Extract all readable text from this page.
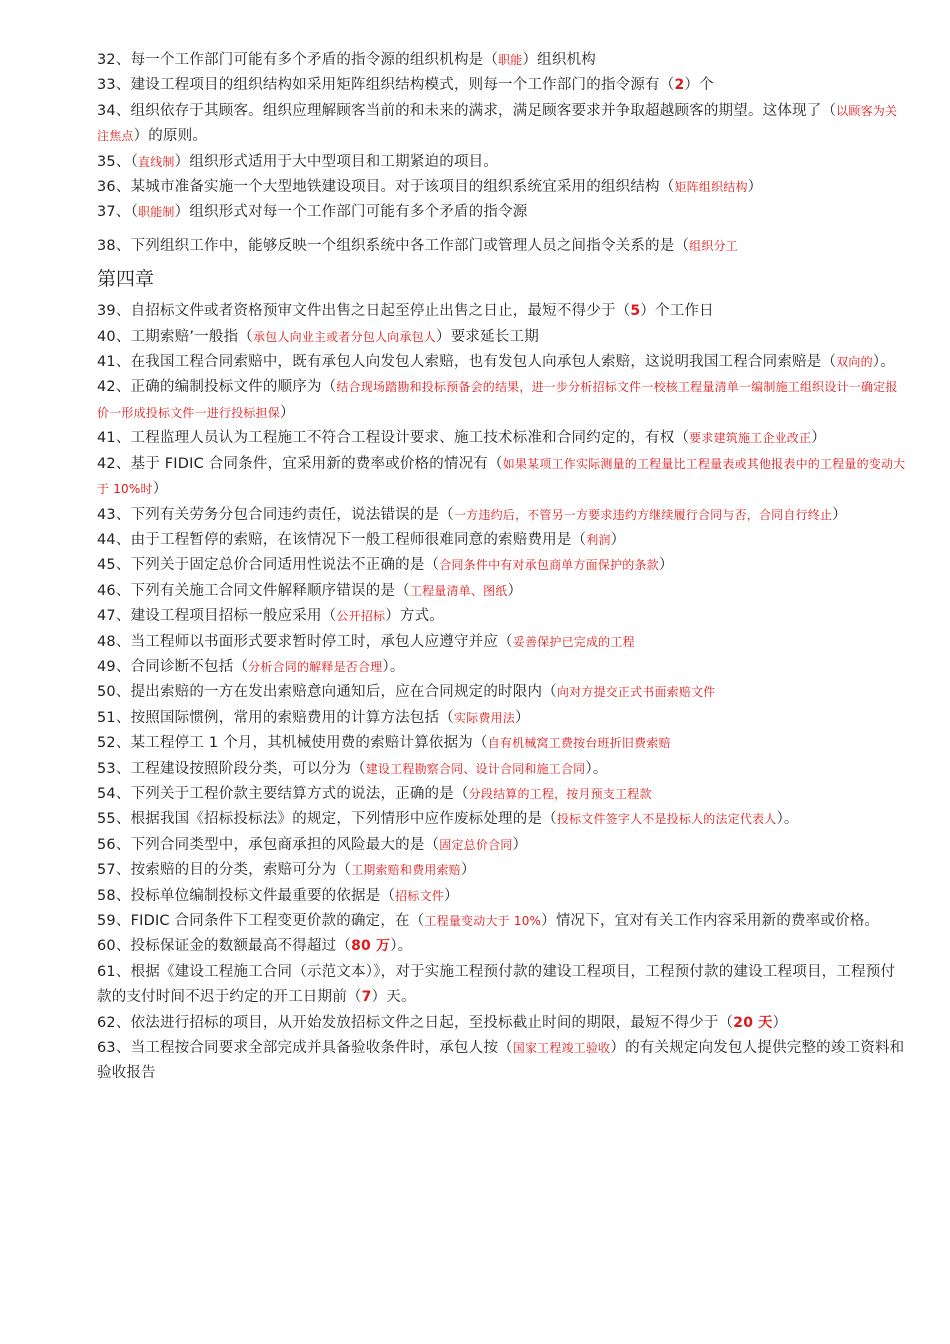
32、每一个工作部门可能有多个矛盾的指令源的组织机构是（职能）组织机构

33、建设工程项目的组织结构如采用矩阵组织结构模式，则每一个工作部门的指令源有（2）个

34、组织依存于其顾客。组织应理解顾客当前的和未来的满求，满足顾客要求并争取超越顾客的期望。这体现了（以顾客为关注焦点）的原则。

35、（直线制）组织形式适用于大中型项目和工期紧迫的项目。

36、某城市准备实施一个大型地铁建设项目。对于该项目的组织系统宜采用的组织结构（矩阵组织结构）

37、（职能制）组织形式对每一个工作部门可能有多个矛盾的指令源

38、下列组织工作中，能够反映一个组织系统中各工作部门或管理人员之间指令关系的是（组织分工

第四章

39、自招标文件或者资格预审文件出售之日起至停止出售之日止，最短不得少于（5）个工作日

40、工期索赔’一般指（承包人向业主或者分包人向承包人）要求延长工期

41、在我国工程合同索赔中，既有承包人向发包人索赔，也有发包人向承包人索赔，这说明我国工程合同索赔是（双向的）。

42、正确的编制投标文件的顺序为（结合现场踏勘和投标预备会的结果，进一步分析招标文件一校核工程量清单一编制施工组织设计一确定报价一形成投标文件一进行投标担保）

41、工程监理人员认为工程施工不符合工程设计要求、施工技术标准和合同约定的，有权（要求建筑施工企业改正）

42、基于 FIDIC 合同条件，宜采用新的费率或价格的情况有（如果某项工作实际测量的工程量比工程量表或其他报表中的工程量的变动大于 10%时）

43、下列有关劳务分包合同违约责任，说法错误的是（一方违约后，不管另一方要求违约方继续履行合同与否，合同自行终止）

44、由于工程暂停的索赔，在该情况下一般工程师很难同意的索赔费用是（利润）

45、下列关于固定总价合同适用性说法不正确的是（合同条件中有对承包商单方面保护的条款）

46、下列有关施工合同文件解释顺序错误的是（工程量清单、图纸）

47、建设工程项目招标一般应采用（公开招标）方式。

48、当工程师以书面形式要求暂时停工时，承包人应遵守并应（妥善保护已完成的工程

49、合同诊断不包括（分析合同的解释是否合理）。

50、提出索赔的一方在发出索赔意向通知后，应在合同规定的时限内（向对方提交正式书面索赔文件

51、按照国际惯例，常用的索赔费用的计算方法包括（实际费用法）

52、某工程停工 1 个月，其机械使用费的索赔计算依据为（自有机械窝工费按台班折旧费索赔

53、工程建设按照阶段分类，可以分为（建设工程勘察合同、设计合同和施工合同）。

54、下列关于工程价款主要结算方式的说法，正确的是（分段结算的工程，按月预支工程款

55、根据我国《招标投标法》的规定，下列情形中应作废标处理的是（投标文件签字人不是投标人的法定代表人）。

56、下列合同类型中，承包商承担的风险最大的是（固定总价合同）

57、按索赔的目的分类，索赔可分为（工期索赔和费用索赔）

58、投标单位编制投标文件最重要的依据是（招标文件）

59、FIDIC 合同条件下工程变更价款的确定，在（工程量变动大于 10%）情况下，宜对有关工作内容采用新的费率或价格。

60、投标保证金的数额最高不得超过（80 万）。

61、根据《建设工程施工合同（示范文本）》，对于实施工程预付款的建设工程项目，工程预付款的建设工程项目，工程预付款的支付时间不迟于约定的开工日期前（7）天。

62、依法进行招标的项目，从开始发放招标文件之日起，至投标截止时间的期限，最短不得少于（20 天）

63、当工程按合同要求全部完成并具备验收条件时，承包人按（国家工程竣工验收）的有关规定向发包人提供完整的竣工资料和验收报告
